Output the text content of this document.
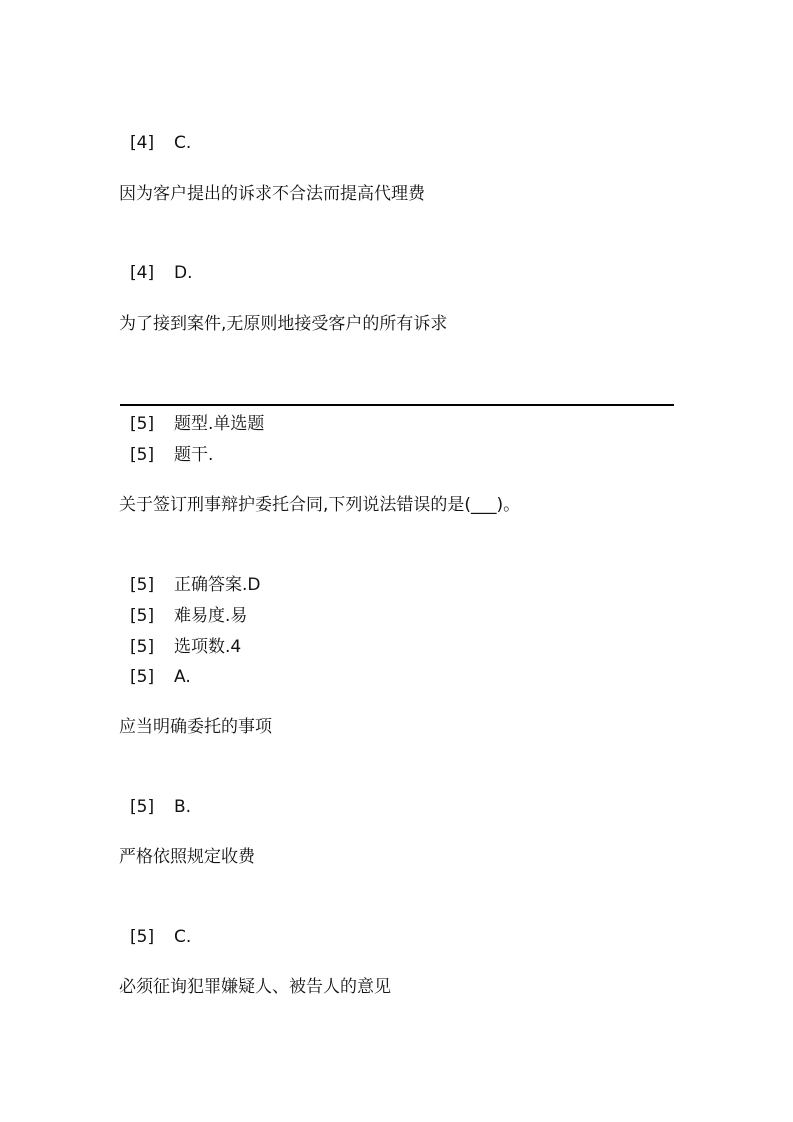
[4]	C.
因为客户提出的诉求不合法而提高代理费
[4]	D.
为了接到案件,无原则地接受客户的所有诉求
[5]	题型.单选题
[5]	题干.
关于签订刑事辩护委托合同,下列说法错误的是(___)。
[5]	正确答案.D
[5]	难易度.易
[5]	选项数.4
[5]	A.
应当明确委托的事项
[5]	B.
严格依照规定收费
[5]	C.
必须征询犯罪嫌疑人、被告人的意见
